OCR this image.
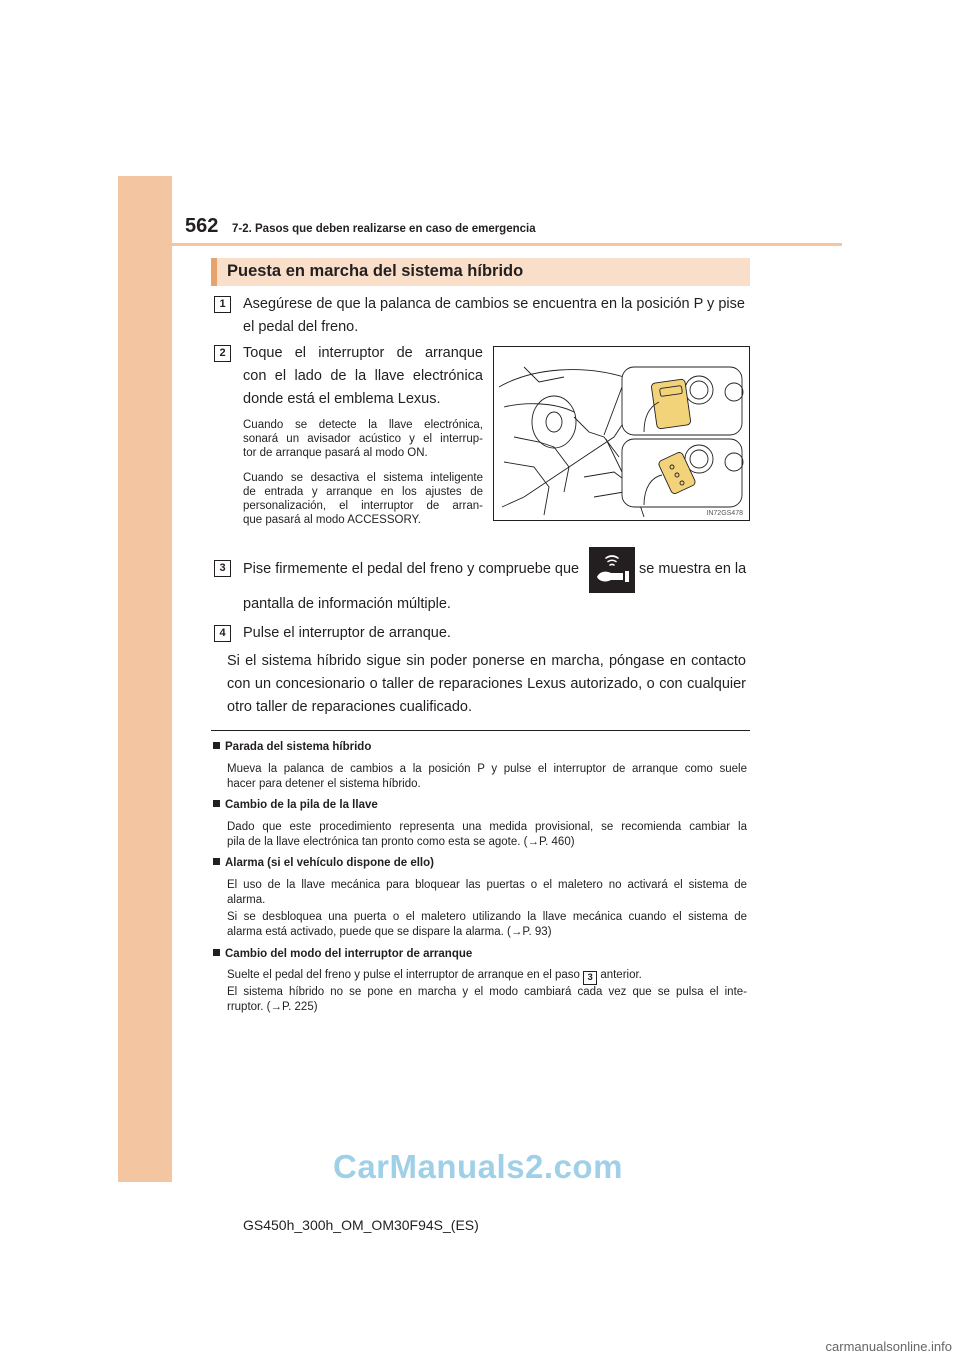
562 7-2. Pasos que deben realizarse en caso de emergencia
Puesta en marcha del sistema híbrido
1	Asegúrese de que la palanca de cambios se encuentra en la posición P y pise
el pedal del freno.
2	Toque el interruptor de arranque
con el lado de la llave electrónica
donde está el emblema Lexus.
Cuando se detecte la llave electrónica,
sonará un avisador acústico y el interrup-
tor de arranque pasará al modo ON.
Cuando se desactiva el sistema inteligente
de entrada y arranque en los ajustes de
personalización, el interruptor de arran-
que pasará al modo ACCESSORY.
IN72GS478
3	Pise firmemente el pedal del freno y compruebe que	se muestra en la
pantalla de información múltiple.
4	Pulse el interruptor de arranque.
Si el sistema híbrido sigue sin poder ponerse en marcha, póngase en contacto
con un concesionario o taller de reparaciones Lexus autorizado, o con cualquier
otro taller de reparaciones cualificado.
Parada del sistema híbrido
Mueva la palanca de cambios a la posición P y pulse el interruptor de arranque como suele
hacer para detener el sistema híbrido.
Cambio de la pila de la llave
Dado que este procedimiento representa una medida provisional, se recomienda cambiar la
pila de la llave electrónica tan pronto como esta se agote. (→P. 460)
Alarma (si el vehículo dispone de ello)
El uso de la llave mecánica para bloquear las puertas o el maletero no activará el sistema de
alarma.
Si se desbloquea una puerta o el maletero utilizando la llave mecánica cuando el sistema de
alarma está activado, puede que se dispare la alarma. (→P. 93)
Cambio del modo del interruptor de arranque
Suelte el pedal del freno y pulse el interruptor de arranque en el paso 3 anterior.
El sistema híbrido no se pone en marcha y el modo cambiará cada vez que se pulsa el inte-
rruptor. (→P. 225)
CarManuals2.com
GS450h_300h_OM_OM30F94S_(ES)
carmanualsonline.info
